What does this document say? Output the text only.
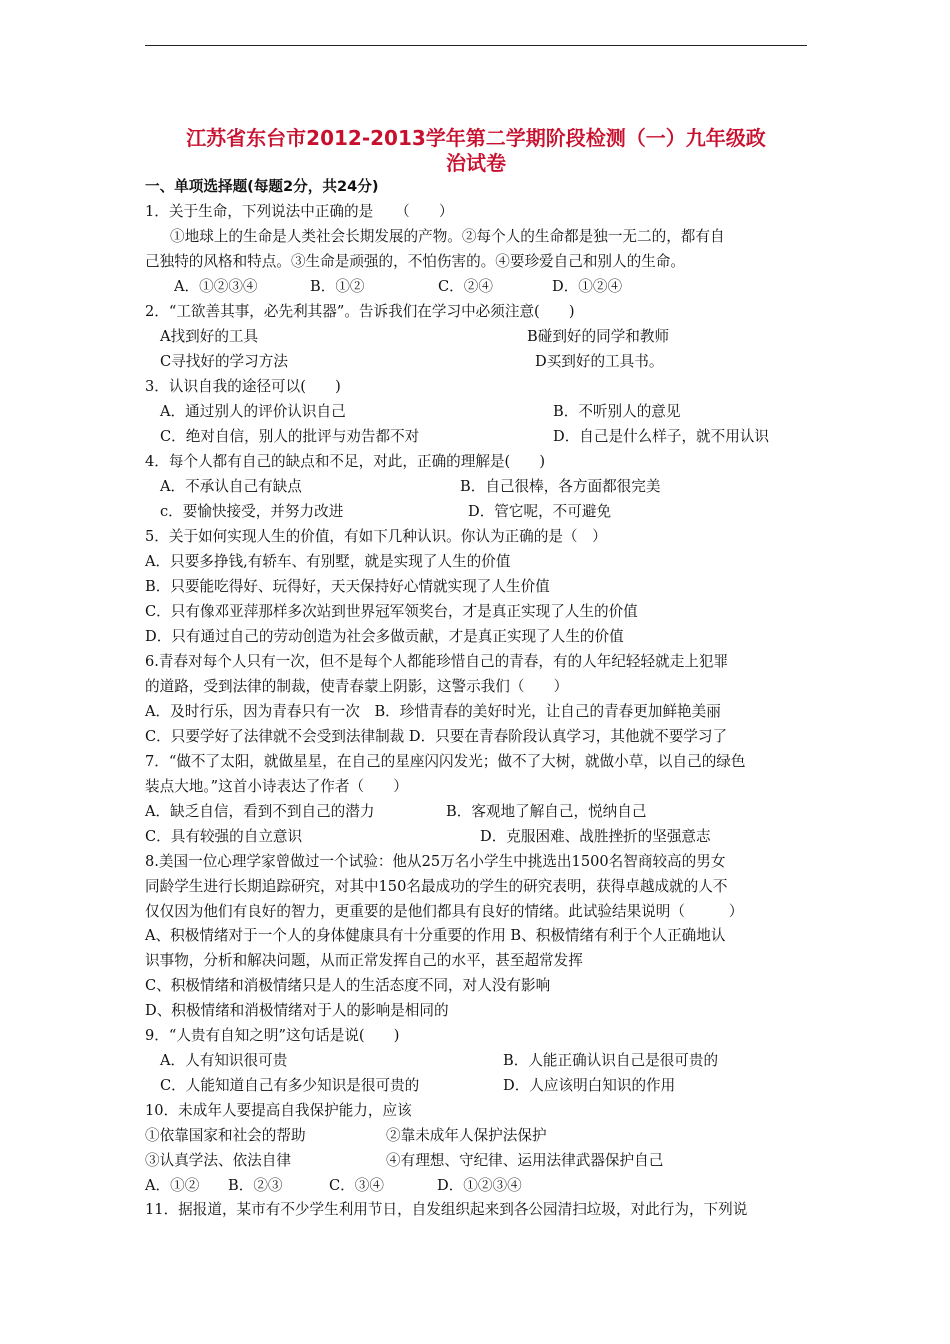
江苏省东台市2012-2013学年第二学期阶段检测（一）九年级政
治试卷
一、单项选择题(每题2分，共24分)
1．关于生命，下列说法中正确的是　　（　　）
①地球上的生命是人类社会长期发展的产物。②每个人的生命都是独一无二的，都有自
己独特的风格和特点。③生命是顽强的，不怕伤害的。④要珍爱自己和别人的生命。
A．①②③④	B．①②	C．②④	D．①②④
2．“工欲善其事，必先利其器”。告诉我们在学习中必须注意(　　)
A找到好的工具	B碰到好的同学和教师
C寻找好的学习方法	D买到好的工具书。
3．认识自我的途径可以(　　)
A．通过别人的评价认识自己	B．不听别人的意见
C．绝对自信，别人的批评与劝告都不对	D．自己是什么样子，就不用认识
4．每个人都有自己的缺点和不足，对此，正确的理解是(　　)
A．不承认自己有缺点	B．自己很棒，各方面都很完美
c．要愉快接受，并努力改进	D．管它呢，不可避免
5．关于如何实现人生的价值，有如下几种认识。你认为正确的是（　）
A．只要多挣钱,有轿车、有别墅，就是实现了人生的价值
B．只要能吃得好、玩得好，天天保持好心情就实现了人生价值
C．只有像邓亚萍那样多次站到世界冠军领奖台，才是真正实现了人生的价值
D．只有通过自己的劳动创造为社会多做贡献，才是真正实现了人生的价值
6.青春对每个人只有一次，但不是每个人都能珍惜自己的青春，有的人年纪轻轻就走上犯罪
的道路，受到法律的制裁，使青春蒙上阴影，这警示我们（　　）
A．及时行乐，因为青春只有一次　B．珍惜青春的美好时光，让自己的青春更加鲜艳美丽
C．只要学好了法律就不会受到法律制裁 D．只要在青春阶段认真学习，其他就不要学习了
7．“做不了太阳，就做星星，在自己的星座闪闪发光；做不了大树，就做小草，以自己的绿色
装点大地。”这首小诗表达了作者（　　）
A．缺乏自信，看到不到自己的潜力	B．客观地了解自己，悦纳自己
C．具有较强的自立意识	D．克服困难、战胜挫折的坚强意志
8.美国一位心理学家曾做过一个试验：他从25万名小学生中挑选出1500名智商较高的男女
同龄学生进行长期追踪研究，对其中150名最成功的学生的研究表明，获得卓越成就的人不
仅仅因为他们有良好的智力，更重要的是他们都具有良好的情绪。此试验结果说明（　　　）
A、积极情绪对于一个人的身体健康具有十分重要的作用 B、积极情绪有利于个人正确地认
识事物，分析和解决问题，从而正常发挥自己的水平，甚至超常发挥
C、积极情绪和消极情绪只是人的生活态度不同，对人没有影响
D、积极情绪和消极情绪对于人的影响是相同的
9．“人贵有自知之明”这句话是说(　　)
A．人有知识很可贵	B．人能正确认识自己是很可贵的
C．人能知道自己有多少知识是很可贵的	D．人应该明白知识的作用
10．未成年人要提高自我保护能力，应该
①依靠国家和社会的帮助	②靠未成年人保护法保护
③认真学法、依法自律	④有理想、守纪律、运用法律武器保护自己
A．①② B．②③	C．③④	D．①②③④
11．据报道，某市有不少学生利用节日，自发组织起来到各公园清扫垃圾，对此行为，下列说
